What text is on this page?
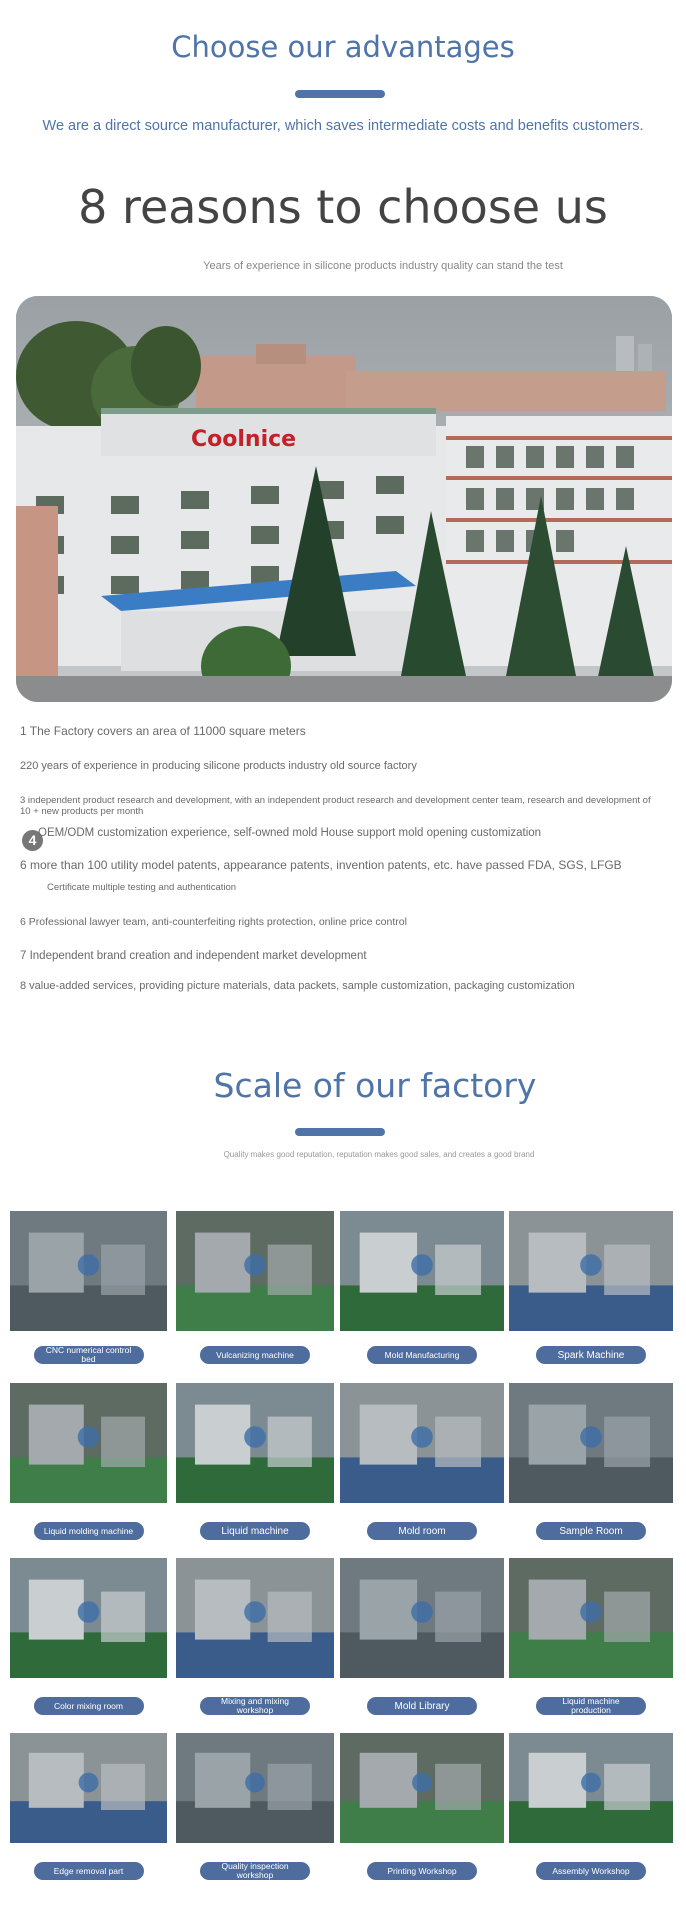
Choose our advantages
We are a direct source manufacturer, which saves intermediate costs and benefits customers.
8 reasons to choose us
Years of experience in silicone products industry quality can stand the test
Coolnice
1 The Factory covers an area of 11000 square meters
220 years of experience in producing silicone products industry old source factory
3 independent product research and development, with an independent product research and development center team, research and development of 10 + new products per month
4 OEM/ODM customization experience, self-owned mold House support mold opening customization
6 more than 100 utility model patents, appearance patents, invention patents, etc. have passed FDA, SGS, LFGB
Certificate multiple testing and authentication
6 Professional lawyer team, anti-counterfeiting rights protection, online price control
7 Independent brand creation and independent market development
8 value-added services, providing picture materials, data packets, sample customization, packaging customization
Scale of our factory
Quality makes good reputation, reputation makes good sales, and creates a good brand
CNC numerical control bed	Vulcanizing machine	Mold Manufacturing	Spark Machine
Liquid molding machine	Liquid machine	Mold room	Sample Room
Color mixing room	Mixing and mixing workshop	Mold Library	Liquid machine production
Edge removal part	Quality inspection workshop	Printing Workshop	Assembly Workshop
